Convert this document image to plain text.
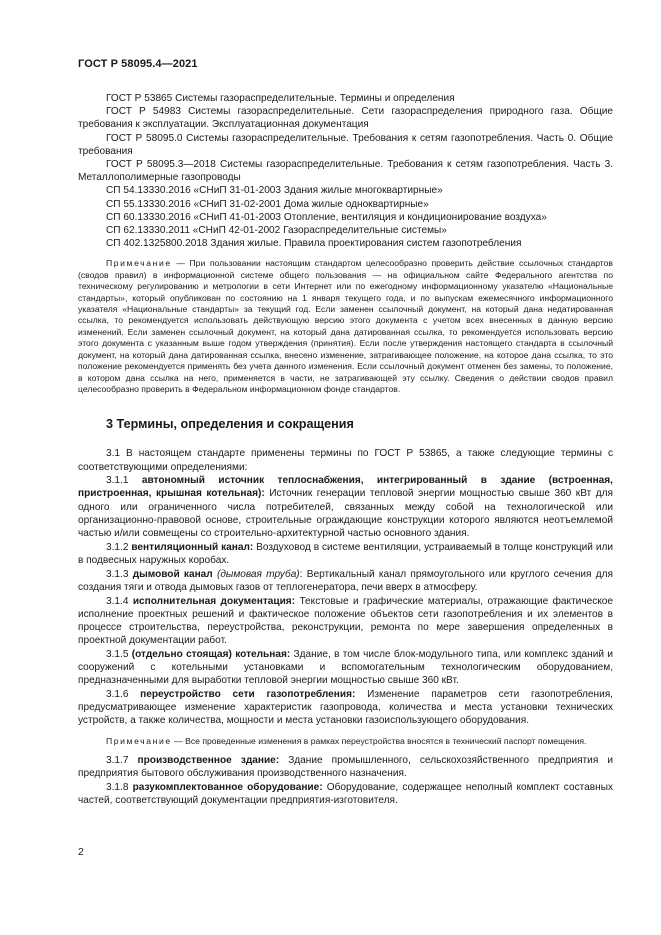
ГОСТ Р 58095.4—2021

ГОСТ Р 53865 Системы газораспределительные. Термины и определения

ГОСТ Р 54983 Системы газораспределительные. Сети газораспределения природного газа. Общие требования к эксплуатации. Эксплуатационная документация

ГОСТ Р 58095.0 Системы газораспределительные. Требования к сетям газопотребления. Часть 0. Общие требования

ГОСТ Р 58095.3—2018 Системы газораспределительные. Требования к сетям газопотребления. Часть 3. Металлополимерные газопроводы

СП 54.13330.2016 «СНиП 31-01-2003 Здания жилые многоквартирные»

СП 55.13330.2016 «СНиП 31-02-2001 Дома жилые одноквартирные»

СП 60.13330.2016 «СНиП 41-01-2003 Отопление, вентиляция и кондиционирование воздуха»

СП 62.13330.2011 «СНиП 42-01-2002 Газораспределительные системы»

СП 402.1325800.2018 Здания жилые. Правила проектирования систем газопотребления

Примечание — При пользовании настоящим стандартом целесообразно проверить действие ссылочных стандартов (сводов правил) в информационной системе общего пользования — на официальном сайте Федерального агентства по техническому регулированию и метрологии в сети Интернет или по ежегодному информационному указателю «Национальные стандарты», который опубликован по состоянию на 1 января текущего года, и по выпускам ежемесячного информационного указателя «Национальные стандарты» за текущий год. Если заменен ссылочный документ, на который дана недатированная ссылка, то рекомендуется использовать действующую версию этого документа с учетом всех внесенных в данную версию изменений. Если заменен ссылочный документ, на который дана датированная ссылка, то рекомендуется использовать версию этого документа с указанным выше годом утверждения (принятия). Если после утверждения настоящего стандарта в ссылочный документ, на который дана датированная ссылка, внесено изменение, затрагивающее положение, на которое дана ссылка, то это положение рекомендуется применять без учета данного изменения. Если ссылочный документ отменен без замены, то положение, в котором дана ссылка на него, применяется в части, не затрагивающей эту ссылку. Сведения о действии сводов правил целесообразно проверить в Федеральном информационном фонде стандартов.

3 Термины, определения и сокращения

3.1 В настоящем стандарте применены термины по ГОСТ Р 53865, а также следующие термины с соответствующими определениями:

3.1.1 автономный источник теплоснабжения, интегрированный в здание (встроенная, пристроенная, крышная котельная): Источник генерации тепловой энергии мощностью свыше 360 кВт для одного или ограниченного числа потребителей, связанных между собой на технологической или организационно-правовой основе, строительные ограждающие конструкции которого являются неотъемлемой частью и/или совмещены со строительно-архитектурной частью основного здания.

3.1.2 вентиляционный канал: Воздуховод в системе вентиляции, устраиваемый в толще конструкций или в подвесных наружных коробах.

3.1.3 дымовой канал (дымовая труба): Вертикальный канал прямоугольного или круглого сечения для создания тяги и отвода дымовых газов от теплогенератора, печи вверх в атмосферу.

3.1.4 исполнительная документация: Текстовые и графические материалы, отражающие фактическое исполнение проектных решений и фактическое положение объектов сети газопотребления и их элементов в процессе строительства, переустройства, реконструкции, ремонта по мере завершения определенных в проектной документации работ.

3.1.5 (отдельно стоящая) котельная: Здание, в том числе блок-модульного типа, или комплекс зданий и сооружений с котельными установками и вспомогательным технологическим оборудованием, предназначенными для выработки тепловой энергии мощностью свыше 360 кВт.

3.1.6 переустройство сети газопотребления: Изменение параметров сети газопотребления, предусматривающее изменение характеристик газопровода, количества и места установки технических устройств, а также количества, мощности и места установки газоиспользующего оборудования.

Примечание — Все проведенные изменения в рамках переустройства вносятся в технический паспорт помещения.

3.1.7 производственное здание: Здание промышленного, сельскохозяйственного предприятия и предприятия бытового обслуживания производственного назначения.

3.1.8 разукомплектованное оборудование: Оборудование, содержащее неполный комплект составных частей, соответствующий документации предприятия-изготовителя.

2
